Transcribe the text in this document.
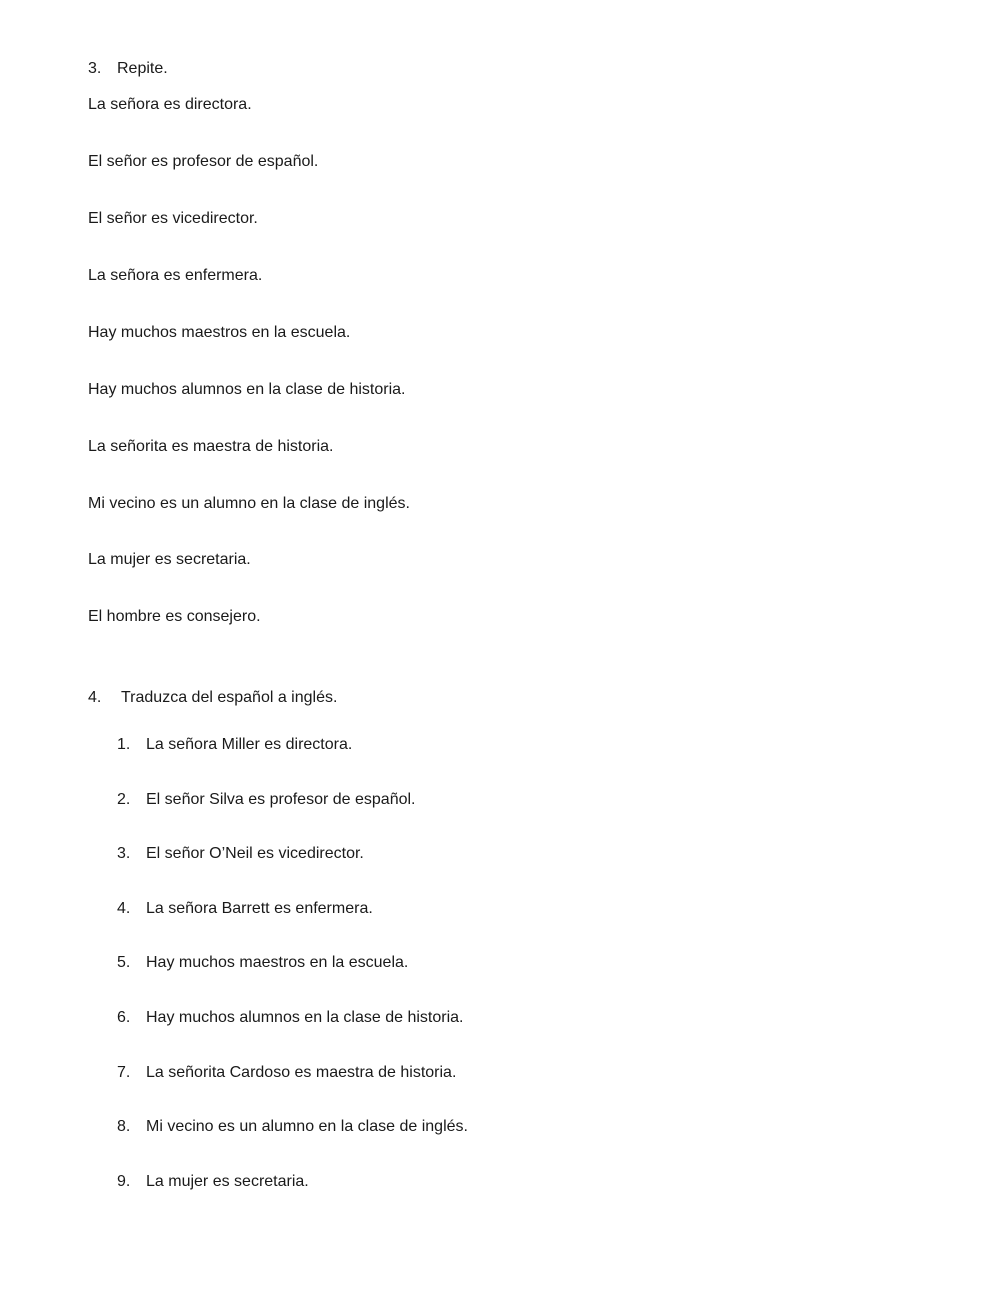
3. Repite.
La señora es directora.
El señor es profesor de español.
El señor es vicedirector.
La señora es enfermera.
Hay muchos maestros en la escuela.
Hay muchos alumnos en la clase de historia.
La señorita es maestra de historia.
Mi vecino es un alumno en la clase de inglés.
La mujer es secretaria.
El hombre es consejero.
4. Traduzca del español a inglés.
1. La señora Miller es directora.
2. El señor Silva es profesor de español.
3. El señor O’Neil es vicedirector.
4. La señora Barrett es enfermera.
5. Hay muchos maestros en la escuela.
6. Hay muchos alumnos en la clase de historia.
7. La señorita Cardoso es maestra de historia.
8. Mi vecino es un alumno en la clase de inglés.
9. La mujer es secretaria.
